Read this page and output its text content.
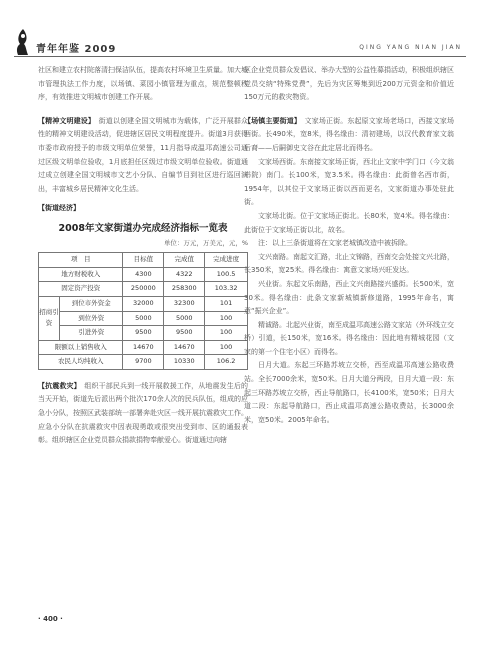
青年年鉴 2009	QING YANG NIAN JIAN

社区和建立农村院落清扫保洁队伍，提高农村环境卫生质量。加大城市管理执法工作力度，以场镇、菜园小镇管理为重点，规范整顿秩序，有效推进文明城市创建工作开展。

【精神文明建设】　 街道以创建全国文明城市为载体，广泛开展群众性的精神文明建设活动，促进辖区居民文明程度提升。街道3月获得市委市政府授予的市级文明单位荣誉，11月指导成温邛高速公司通过区级文明单位验收，1月底担任区级过市级文明单位验收。街道通过成立创建全国文明城市文艺小分队、自编节目到社区进行巡回演出，丰富城乡居民精神文化生活。

【街道经济】
2008年文家街道办完成经济指标一览表
单位：万元，万美元，元，%
项　目		目标值	完成值	完成进度
地方财税收入		4300	4322	100.5
固定资产投资		250000	258300	103.32
招商引资	到位市外资金	32000	32300	101
	到位外资	5000	5000	100
	引进外资	9500	9500	100
限额以上销售收入		14670	14670	100
农民人均纯收入		9700	10330	106.2

【抗震救灾】　 组织干部民兵到一线开展救援工作，从地震发生后的当天开始，街道先后派出两个批次170余人次的民兵队伍，组成的应急小分队，按照区武装部统一部署奔赴灾区一线开展抗震救灾工作。应急小分队在抗震救灾中因表现勇敢或很突出受到市、区的通报表彰。组织辖区企业党员群众捐款捐物奉献爱心。街道通过向辖

区企业党员群众发倡议、举办大型的公益性募捐活动，积极组织辖区党员交纳“特殊党费”，先后为灾区筹集到近200万元资金和价值近150万元的救灾物资。

【场镇主要街道】　 文家场正街。东起原文家场老场口，西接文家场西街。长490米，宽8米，得名缘由：清初建场，以汉代教育家文翁后裔——后嗣御史文谷在此定居北而得名。

文家场西街。东南接文家场正街，西北止文家中学门口（今文翁书院）南门。长100米，宽3.5米。得名缘由：此街曾名西市街，1954年，以其位于文家场正街以西而更名，文家街道办事处驻此街。

文家场北街。位于文家场正街北。长80米，宽4米。得名缘由：此街位于文家场正街以北，故名。

注：以上三条街道将在文家老城镇改造中被拆除。

文兴南路。南起文汇路，北止文锦路，西南交会处接文兴北路，长350米，宽25米。得名缘由：寓意文家场兴旺发达。

兴业街。东起文乐南路，西止文兴南路接兴盛街。长500米，宽30米。得名缘由：此条文家新城镇新修道路，1995年命名，寓意“振兴企业”。

精诚路。北起兴业街，南至成温邛高速公路文家站（外环线立交桥）引道，长150米，宽16米。得名缘由：因此地有精城花园（文家的第一个住宅小区）而得名。

日月大道。东起三环路苏坡立交桥，西至成温邛高速公路收费站。全长7000余米，宽50米。日月大道分两段，日月大道一段：东起三环路苏坡立交桥，西止导航路口，长4100米，宽50米；日月大道二段：东起导航路口，西止成温邛高速公路收费站，长3000余米，宽50米。2005年命名。

· 400 ·
